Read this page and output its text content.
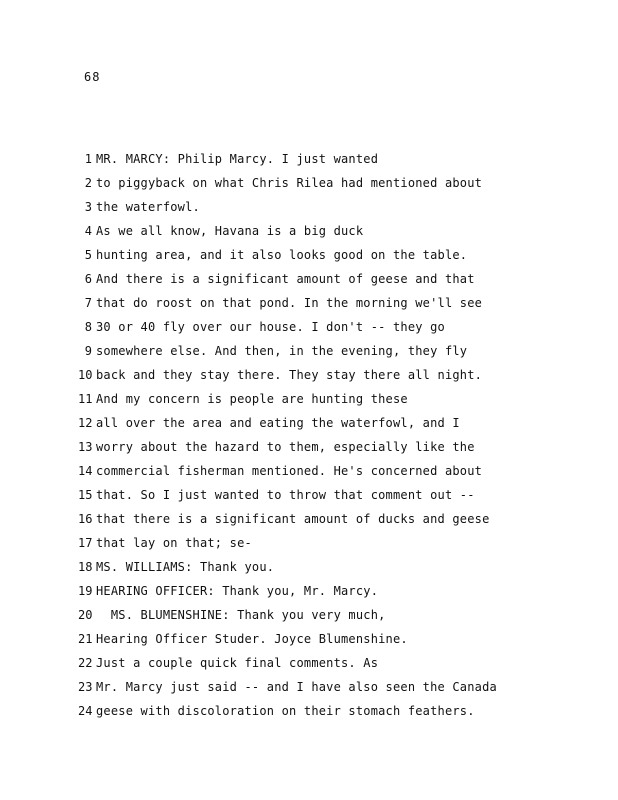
68
1 MR. MARCY: Philip Marcy. I just wanted
2 to piggyback on what Chris Rilea had mentioned about
3 the waterfowl.
4 As we all know, Havana is a big duck
5 hunting area, and it also looks good on the table.
6 And there is a significant amount of geese and that
7 that do roost on that pond. In the morning we'll see
8 30 or 40 fly over our house. I don't -- they go
9 somewhere else. And then, in the evening, they fly
10 back and they stay there. They stay there all night.
11 And my concern is people are hunting these
12 all over the area and eating the waterfowl, and I
13 worry about the hazard to them, especially like the
14 commercial fisherman mentioned. He's concerned about
15 that. So I just wanted to throw that comment out --
16 that there is a significant amount of ducks and geese
17 that lay on that; se-
18 MS. WILLIAMS: Thank you.
19 HEARING OFFICER: Thank you, Mr. Marcy.
20 MS. BLUMENSHINE: Thank you very much,
21 Hearing Officer Studer. Joyce Blumenshine.
22 Just a couple quick final comments. As
23 Mr. Marcy just said -- and I have also seen the Canada
24 geese with discoloration on their stomach feathers.
